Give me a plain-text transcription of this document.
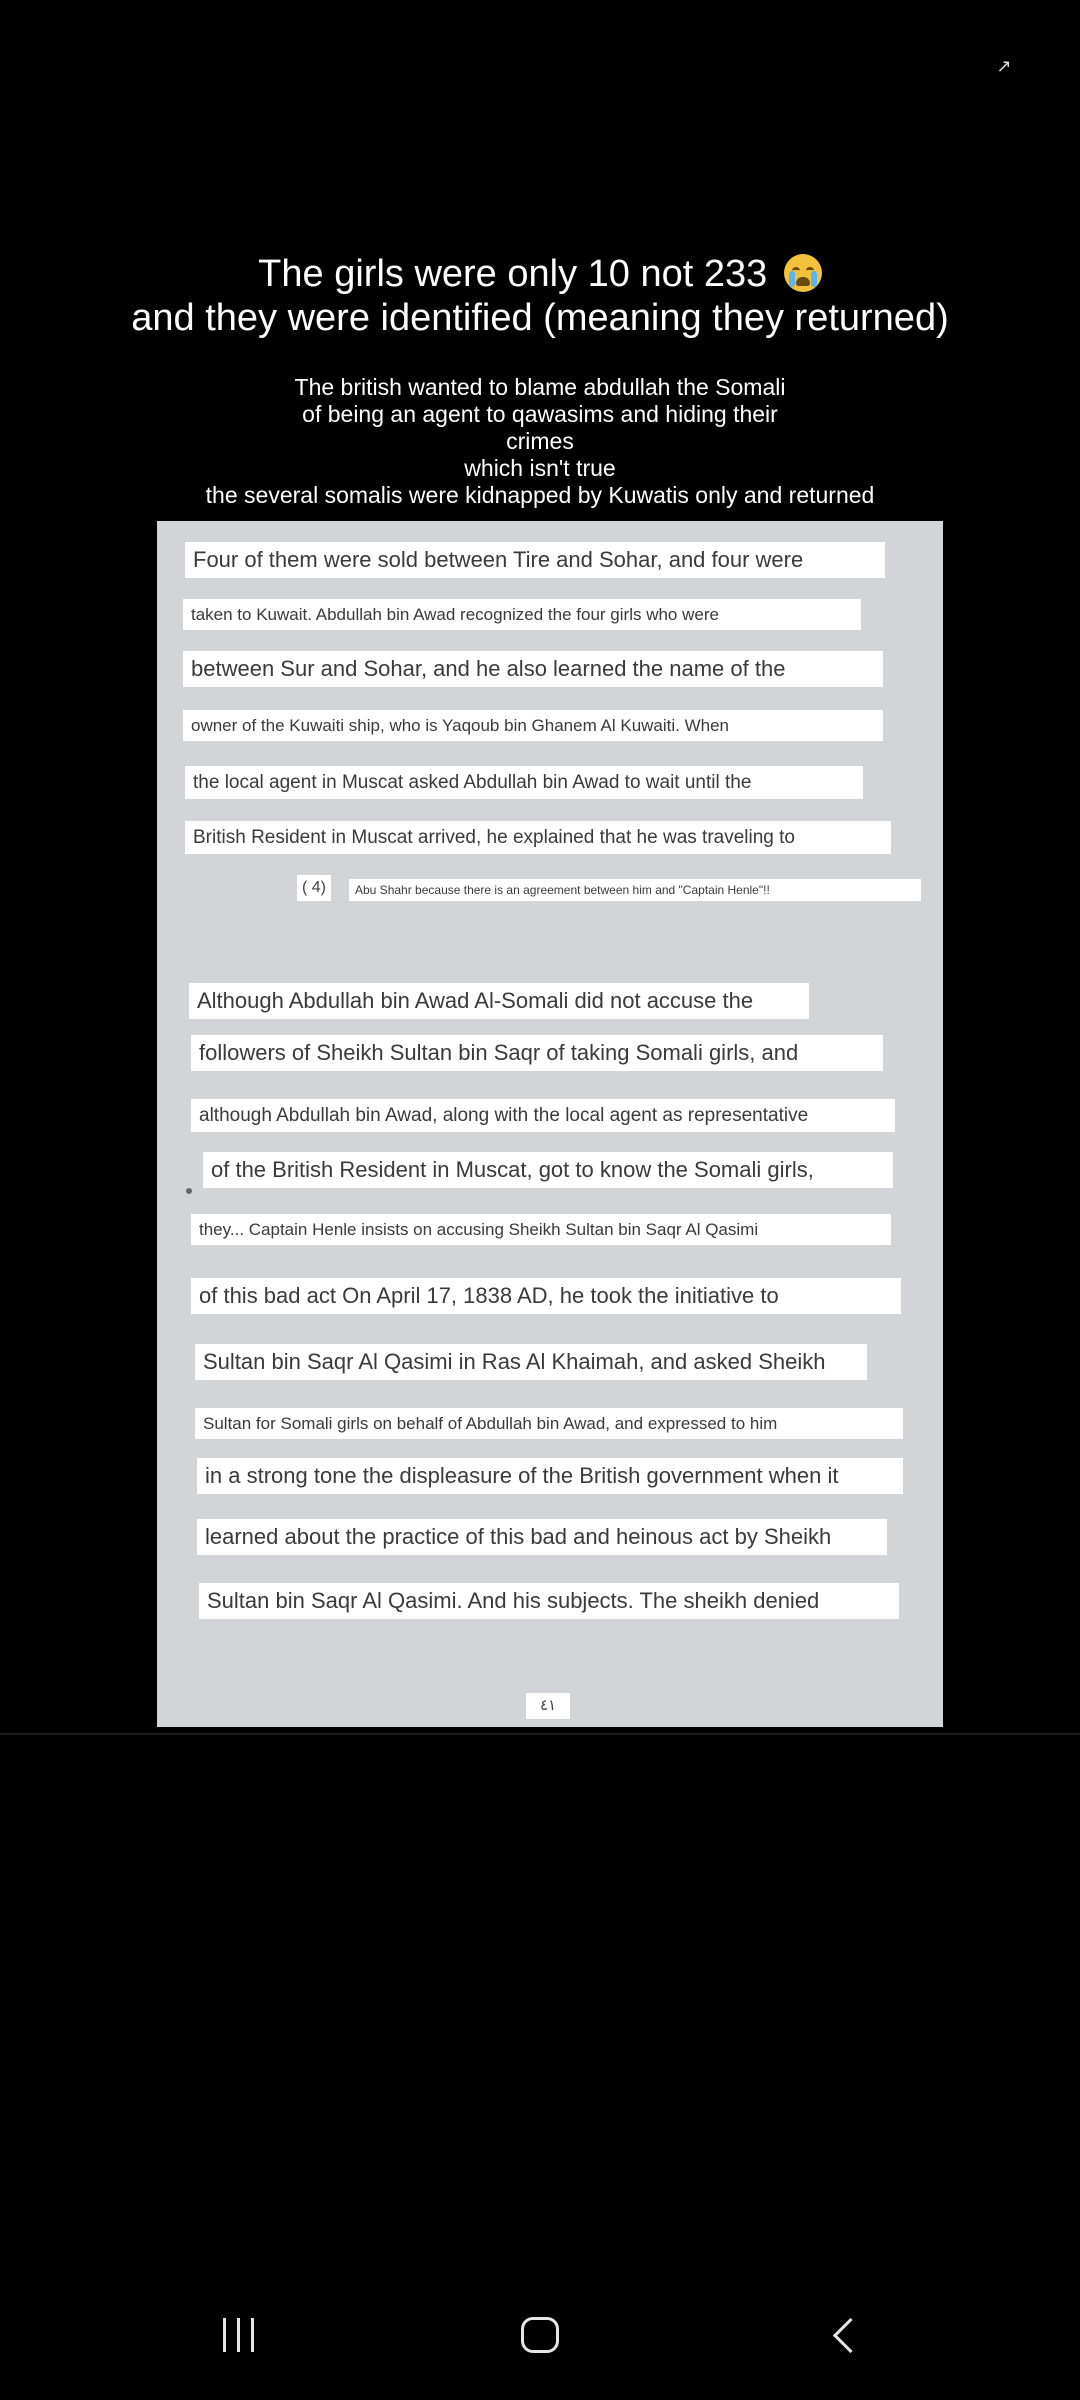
↗
The girls were only 10 not 233
and they were identified (meaning they returned)
The british wanted to blame abdullah the Somali
of being an agent to qawasims and hiding their
crimes
which isn't true
the several somalis were kidnapped by Kuwatis only and returned
Four of them were sold between Tire and Sohar, and four were
taken to Kuwait. Abdullah bin Awad recognized the four girls who were
between Sur and Sohar, and he also learned the name of the
owner of the Kuwaiti ship, who is Yaqoub bin Ghanem Al Kuwaiti. When
the local agent in Muscat asked Abdullah bin Awad to wait until the
British Resident in Muscat arrived, he explained that he was traveling to
( 4)	Abu Shahr because there is an agreement between him and "Captain Henle"!!
Although Abdullah bin Awad Al-Somali did not accuse the
followers of Sheikh Sultan bin Saqr of taking Somali girls, and
although Abdullah bin Awad, along with the local agent as representative
of the British Resident in Muscat, got to know the Somali girls,
they... Captain Henle insists on accusing Sheikh Sultan bin Saqr Al Qasimi
of this bad act On April 17, 1838 AD, he took the initiative to
Sultan bin Saqr Al Qasimi in Ras Al Khaimah, and asked Sheikh
Sultan for Somali girls on behalf of Abdullah bin Awad, and expressed to him
in a strong tone the displeasure of the British government when it
learned about the practice of this bad and heinous act by Sheikh
Sultan bin Saqr Al Qasimi. And his subjects. The sheikh denied
٤١
